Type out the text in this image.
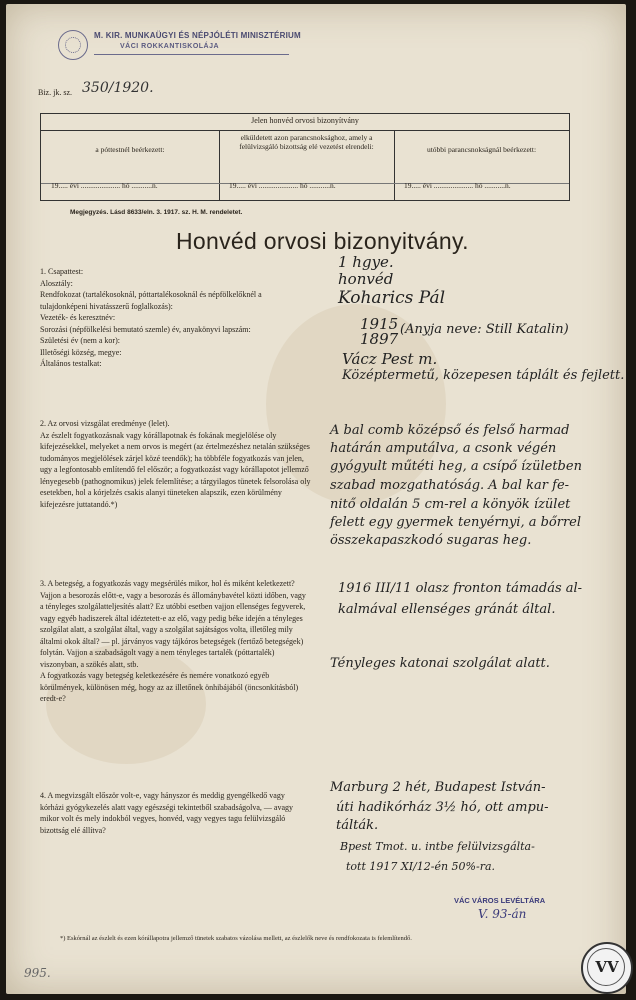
M. KIR. MUNKAÜGYI ÉS NÉPJÓLÉTI MINISZTÉRIUM
VÁCI ROKKANTISKOLÁJA
Biz. jk. sz. 350/1920.
Jelen honvéd orvosi bizonyítvány
a póttestnél beérkezett:
19..... évi ..................... hó ...........n.
elküldetett azon parancsnoksághoz, amely a felülvizsgáló bizottság elé vezetést elrendeli:
19..... évi ..................... hó ...........n.
utóbbi parancsnokságnál beérkezett:
19..... évi ..................... hó ...........n.
Megjegyzés. Lásd 8633/eln. 3. 1917. sz. H. M. rendeletet.
Honvéd orvosi bizonyitvány.
1. Csapattest:
Alosztály:
Rendfokozat (tartalékosoknál, póttartalékosoknál és népfölkelőknél a tulajdonképeni hivatásszerű foglalkozás):
Vezeték- és keresztnév:
Sorozási (népfölkelési bemutató szemle) év, anyakönyvi lapszám:
Születési év (nem a kor):
Illetőségi község, megye:
Általános testalkat:
1 hgye.
honvéd
Koharics Pál
1915
1897
(Anyja neve: Still Katalin)
Vácz Pest m.
Középtermetű, közepesen táplált és fejlett.
2. Az orvosi vizsgálat eredménye (lelet).
Az észlelt fogyatkozásnak vagy kórállapotnak és fokának megjelölése oly kifejezésekkel, melyeket a nem orvos is megért (az értelmezéshez netalán szükséges tudományos megjelölések zárjel közé teendők); ha többféle fogyatkozás van jelen, ugy a legfontosabb említendő fel először; a fogyatkozást vagy kórállapotot jellemző lényegesebb (pathognomikus) jelek felemlítése; a tárgyilagos tünetek felsorolása oly esetekben, hol a kórjelzés csakis alanyi tüneteken alapszik, ezen körülmény kifejezésre juttatandó.*)
A bal comb középső és felső harmad
határán amputálva, a csonk végén
gyógyult műtéti heg, a csípő ízületben
szabad mozgathatóság. A bal kar fe-
nitő oldalán 5 cm-rel a könyök ízület
felett egy gyermek tenyérnyi, a bőrrel
összekapaszkodó sugaras heg.
3. A betegség, a fogyatkozás vagy megsérülés mikor, hol és miként keletkezett?
Vajjon a besorozás előtt-e, vagy a besorozás és állománybavétel közti időben, vagy a tényleges szolgálatteljesítés alatt? Ez utóbbi esetben vajjon ellenséges fegyverek, vagy egyéb hadiszerek által idéztetett-e az elő, vagy pedig béke idején a tényleges szolgálat alatt, a szolgálat által, vagy a szolgálat sajátságos volta, illetőleg mily általmi okok által? — pl. járványos vagy tájkóros betegségek (fertőző betegségek) folytán. Vajjon a szabadságolt vagy a nem tényleges tartalék (póttartalék) viszonyban, a szökés alatt, stb.
A fogyatkozás vagy betegség keletkezésére és nemére vonatkozó egyéb körülmények, különösen még, hogy az az illetőnek önhibájából (öncsonkításból) eredt-e?
1916 III/11 olasz fronton támadás al-
kalmával ellenséges gránát által.
Tényleges katonai szolgálat alatt.
4. A megvizsgált először volt-e, vagy hányszor és meddig gyengélkedő vagy kórházi gyógykezelés alatt vagy egészségi tekintetből szabadságolva, — avagy mikor volt és mely indokból vegyes, honvéd, vagy vegyes tagu felülvizsgáló bizottság elé állítva?
Marburg 2 hét, Budapest István-
úti hadikórház 3½ hó, ott ampu-
tálták.
Bpest Tmot. u. intbe felülvizsgálta-
tott 1917 XI/12-én 50%-ra.
VÁC VÁROS LEVÉLTÁRA
V. 93-án
*) Eskórnál az észlelt és ezen kórállapotra jellemző tünetek szabatos vázolása mellett, az észlelők neve és rendfokozata is felemlítendő.
995.	VV
